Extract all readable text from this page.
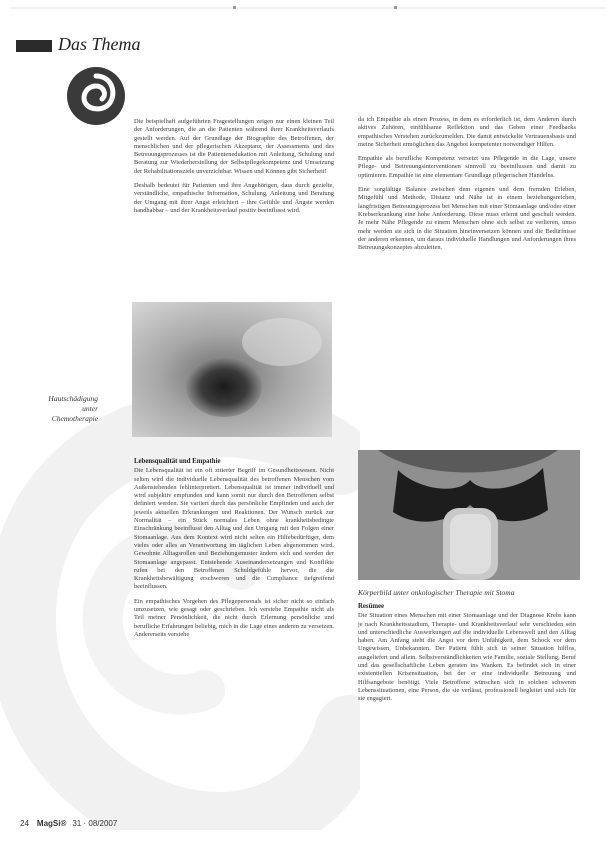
Das Thema

Die beispielhaft aufgeführten Fragestellungen zeigen nur einen kleinen Teil der Anforderungen, die an die Patienten während ihrer Krankheitsverlaufs gestellt werden. Auf der Grundlage der Biographie des Betroffenen, der menschlichen und der pflegerischen Akzeptanz, der Assessments und des Betreuungsprozesses ist die Patientenedukation mit Anleitung, Schulung und Beratung zur Wiederherstellung der Selbstpflegekompetenz und Umsetzung der Rehabilitationsziele unverzichtbar. Wissen und Können gibt Sicherheit!

Deshalb bedeutet für Patienten und ihre Angehörigen, dass durch gezielte, verständliche, empathische Information, Schulung, Anleitung und Beratung der Umgang mit ihrer Angst erleichtert – ihre Gefühle und Ängste werden handhabbar – und der Krankheitsverlauf positiv beeinflusst wird.

Hautschädigung
unter
Chemotherapie

da ich Empathie als einen Prozess, in dem es erforderlich ist, dem Anderen durch aktives Zuhören, einfühlsame Reflektion und das Geben einer Feedbacks empathisches Verstehen zurückzumelden. Die damit entwickelte Vertrauensbasis und meine Sicherheit ermöglichen das Angebot kompetenter notwendiger Hilfen.

Empathie als berufliche Kompetenz versetzt uns Pflegende in die Lage, unsere Pflege- und Betreuungsinterventionen sinnvoll zu beeinflussen und damit zu optimieren. Empathie ist eine elementare Grundlage pflegerischen Handelns.

Eine sorgfältige Balance zwischen dem eigenen und dem fremden Erleben, Mitgefühl und Methode, Distanz und Nähe ist in einem beziehungsreichen, langfristigen Betreuungsprozess bei Menschen mit einer Stomaanlage und/oder einer Krebserkrankung eine hohe Anforderung. Diese muss erlernt und geschult werden. Je mehr Nähe Pflegende zu einem Menschen ohne sich selbst zu verlieren, umso mehr werden sie sich in die Situation hineinversetzen können und die Bedürfnisse der anderen erkennen, um daraus individuelle Handlungen und Anforderungen ihres Betreuungskonzeptes abzuleiten.

Körperbild unter onkologischer Therapie mit Stoma
Lebensqualität und Empathie

Die Lebensqualität ist ein oft zitierter Begriff im Gesundheitswesen. Nicht selten wird die individuelle Lebensqualität des betroffenen Menschen vom Außenstehenden fehlinterpretiert. Lebensqualität ist immer individuell und wird subjektiv empfunden und kann somit nur durch den Betroffenen selbst definiert werden. Sie variiert durch das persönliche Empfinden und auch der jeweils aktuellen Erkrankungen und Reaktionen. Der Wunsch zurück zur Normalität – ein Stück normales Leben ohne krankheitsbedingte Einschränkung beeinflusst den Alltag und den Umgang mit den Folgen einer Stomaanlage. Aus dem Kontext wird nicht selten ein Hilfebedürftiger, dem vieles oder alles an Verantwortung im täglichen Leben abgenommen wird. Gewohnte Alltagsrollen und Beziehungsmuster ändern sich und werden der Stomaanlage angepasst. Entstehende Auseinandersetzungen und Konflikte rufen bei den Betroffenen Schuldgefühle hervor, die die Krankheitsbewältigung erschweren und die Compliance tiefgreifend beeinflussen.

Ein empathisches Vorgehen des Pflegepersonals ist sicher nicht so einfach umzusetzen, wie gesagt oder geschrieben. Ich verstehe Empathie nicht als Teil meiner Persönlichkeit, die nicht durch Erlernung persönliche und berufliche Erfahrungen beliebig, mich in die Lage eines anderen zu versetzen. Andererseits verstehe

Resümee

Die Situation eines Menschen mit einer Stomaanlage und der Diagnose Krebs kann je nach Krankheitsstadium, Therapie- und Krankheitsverlauf sehr verschieden sein und unterschiedliche Auswirkungen auf die individuelle Lebenswelt und den Alltag haben. Am Anfang steht die Angst vor dem Unfähigkeit, dem Schock vor dem Ungewissen, Unbekannten. Der Patient fühlt sich in seiner Situation hilflos, ausgeliefert und allein. Selbstverständlichkeiten wie Familie, soziale Stellung, Beruf und das gesellschaftliche Leben geraten ins Wanken. Es befindet sich in einer existentiellen Krisensituation, bei der er eine individuelle Betreuung und Hilfsangebote benötigt. Viele Betroffene wünschen sich in solchen schweren Lebenssituationen, eine Person, die sie verlässt, professionell begleitet und sich für sie engagiert.

24 MagSi® 31 · 08/2007
